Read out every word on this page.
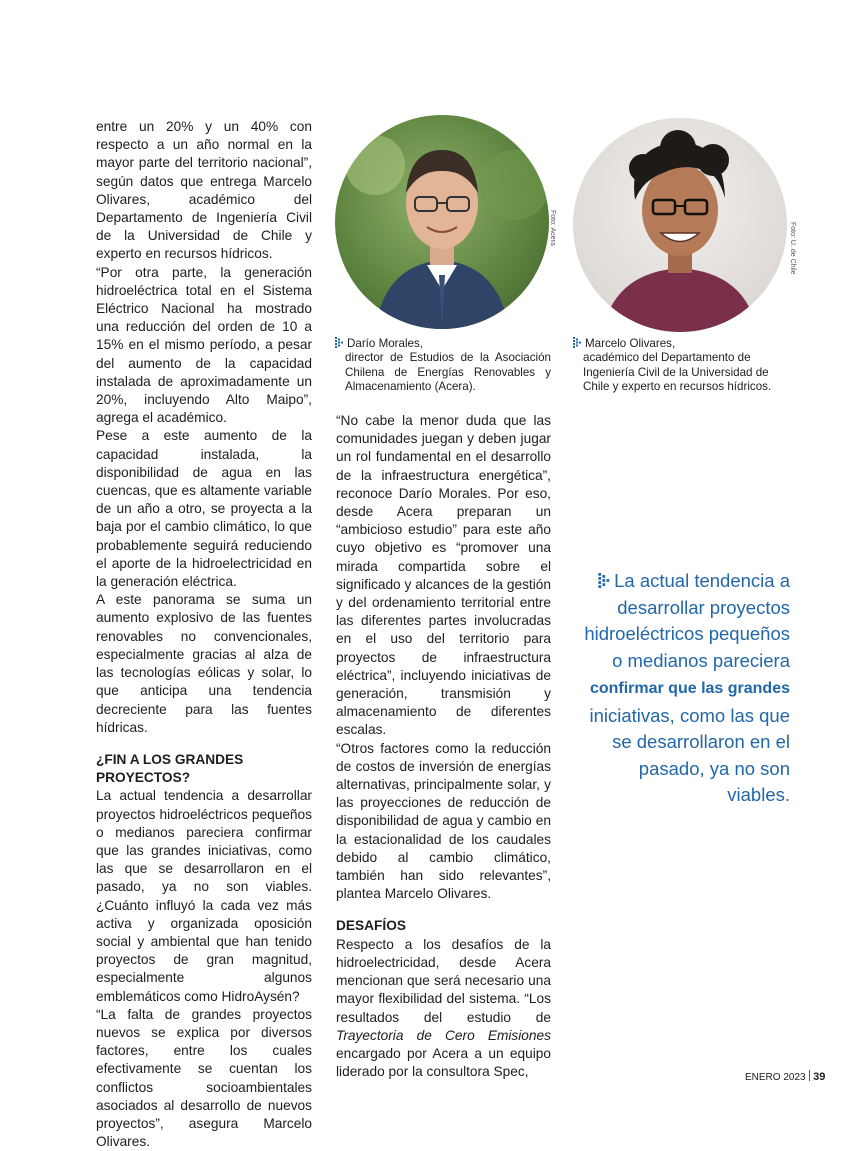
entre un 20% y un 40% con respecto a un año normal en la mayor parte del territorio nacional”, según datos que entrega Marcelo Olivares, académico del Departamento de Ingeniería Civil de la Universidad de Chile y experto en recursos hídricos.

“Por otra parte, la generación hidroeléctrica total en el Sistema Eléctrico Nacional ha mostrado una reducción del orden de 10 a 15% en el mismo período, a pesar del aumento de la capacidad instalada de aproximadamente un 20%, incluyendo Alto Maipo”, agrega el académico.

Pese a este aumento de la capacidad instalada, la disponibilidad de agua en las cuencas, que es altamente variable de un año a otro, se proyecta a la baja por el cambio climático, lo que probablemente seguirá reduciendo el aporte de la hidroelectricidad en la generación eléctrica.

A este panorama se suma un aumento explosivo de las fuentes renovables no convencionales, especialmente gracias al alza de las tecnologías eólicas y solar, lo que anticipa una tendencia decreciente para las fuentes hídricas.

¿FIN A LOS GRANDES PROYECTOS?

La actual tendencia a desarrollar proyectos hidroeléctricos pequeños o medianos pareciera confirmar que las grandes iniciativas, como las que se desarrollaron en el pasado, ya no son viables. ¿Cuánto influyó la cada vez más activa y organizada oposición social y ambiental que han tenido proyectos de gran magnitud, especialmente algunos emblemáticos como HidroAysén?

“La falta de grandes proyectos nuevos se explica por diversos factores, entre los cuales efectivamente se cuentan los conflictos socioambientales asociados al desarrollo de nuevos proyectos”, asegura Marcelo Olivares.

Foto: Acera	Foto: U. de Chile
Darío Morales,
director de Estudios de la Asociación Chilena de Energías Renovables y Almacenamiento (Acera).
Marcelo Olivares,
académico del Departamento de Ingeniería Civil de la Universidad de Chile y experto en recursos hídricos.

“No cabe la menor duda que las comunidades juegan y deben jugar un rol fundamental en el desarrollo de la infraestructura energética”, reconoce Darío Morales. Por eso, desde Acera preparan un “ambicioso estudio” para este año cuyo objetivo es “promover una mirada compartida sobre el significado y alcances de la gestión y del ordenamiento territorial entre las diferentes partes involucradas en el uso del territorio para proyectos de infraestructura eléctrica”, incluyendo iniciativas de generación, transmisión y almacenamiento de diferentes escalas.

“Otros factores como la reducción de costos de inversión de energías alternativas, principalmente solar, y las proyecciones de reducción de disponibilidad de agua y cambio en la estacionalidad de los caudales debido al cambio climático, también han sido relevantes”, plantea Marcelo Olivares.

DESAFÍOS

Respecto a los desafíos de la hidroelectricidad, desde Acera mencionan que será necesario una mayor flexibilidad del sistema. “Los resultados del estudio de Trayectoria de Cero Emisiones encargado por Acera a un equipo liderado por la consultora Spec,

La actual tendencia a desarrollar proyectos hidroeléctricos pequeños o medianos pareciera confirmar que las grandes iniciativas, como las que se desarrollaron en el pasado, ya no son viables.
ENERO 2023 39
